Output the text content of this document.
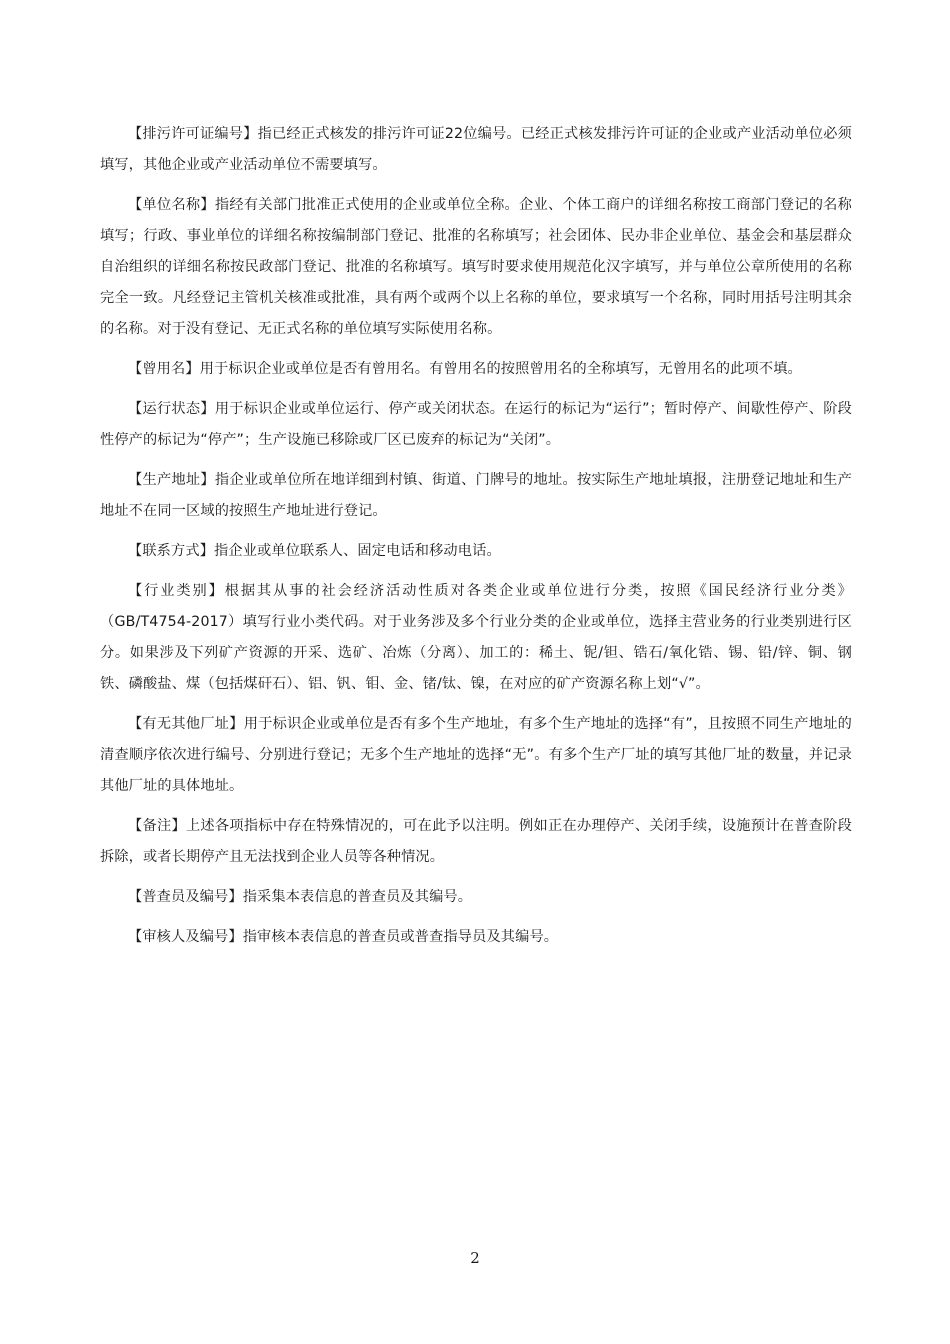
【排污许可证编号】指已经正式核发的排污许可证22位编号。已经正式核发排污许可证的企业或产业活动单位必须填写，其他企业或产业活动单位不需要填写。

【单位名称】指经有关部门批准正式使用的企业或单位全称。企业、个体工商户的详细名称按工商部门登记的名称填写；行政、事业单位的详细名称按编制部门登记、批准的名称填写；社会团体、民办非企业单位、基金会和基层群众自治组织的详细名称按民政部门登记、批准的名称填写。填写时要求使用规范化汉字填写，并与单位公章所使用的名称完全一致。凡经登记主管机关核准或批准，具有两个或两个以上名称的单位，要求填写一个名称，同时用括号注明其余的名称。对于没有登记、无正式名称的单位填写实际使用名称。

【曾用名】用于标识企业或单位是否有曾用名。有曾用名的按照曾用名的全称填写，无曾用名的此项不填。

【运行状态】用于标识企业或单位运行、停产或关闭状态。在运行的标记为“运行”；暂时停产、间歇性停产、阶段性停产的标记为“停产”；生产设施已移除或厂区已废弃的标记为“关闭”。

【生产地址】指企业或单位所在地详细到村镇、街道、门牌号的地址。按实际生产地址填报，注册登记地址和生产地址不在同一区域的按照生产地址进行登记。

【联系方式】指企业或单位联系人、固定电话和移动电话。

【行业类别】根据其从事的社会经济活动性质对各类企业或单位进行分类，按照《国民经济行业分类》（GB/T4754-2017）填写行业小类代码。对于业务涉及多个行业分类的企业或单位，选择主营业务的行业类别进行区分。如果涉及下列矿产资源的开采、选矿、冶炼（分离）、加工的：稀土、铌/钽、锆石/氧化锆、锡、铅/锌、铜、钢铁、磷酸盐、煤（包括煤矸石）、铝、钒、钼、金、锗/钛、镍，在对应的矿产资源名称上划“√”。

【有无其他厂址】用于标识企业或单位是否有多个生产地址，有多个生产地址的选择“有”，且按照不同生产地址的清查顺序依次进行编号、分别进行登记；无多个生产地址的选择“无”。有多个生产厂址的填写其他厂址的数量，并记录其他厂址的具体地址。

【备注】上述各项指标中存在特殊情况的，可在此予以注明。例如正在办理停产、关闭手续，设施预计在普查阶段拆除，或者长期停产且无法找到企业人员等各种情况。

【普查员及编号】指采集本表信息的普查员及其编号。

【审核人及编号】指审核本表信息的普查员或普查指导员及其编号。

2
